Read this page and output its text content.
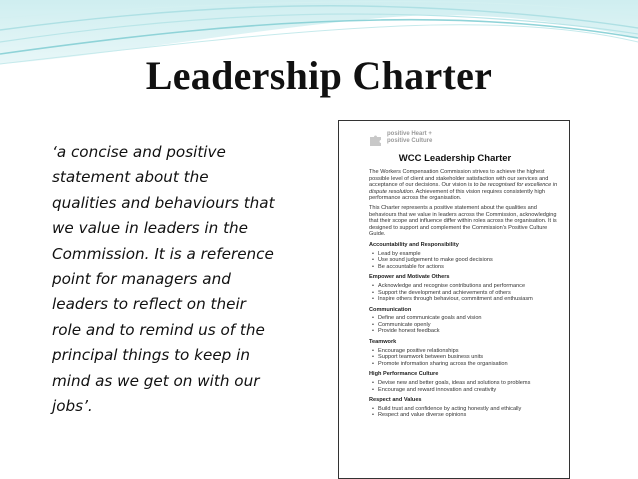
Leadership Charter
‘a concise and positive
statement about the
qualities and behaviours that
we value in leaders in the
Commission. It is a reference
point for managers and
leaders to reflect on their
role and to remind us of the
principal things to keep in
mind as we get on with our
jobs’.
positive Heart +
positive Culture
WCC Leadership Charter
The Workers Compensation Commission strives to achieve the highest possible level of client and stakeholder satisfaction with our services and acceptance of our decisions. Our vision is to be recognised for excellence in dispute resolution. Achievement of this vision requires consistently high performance across the organisation.
This Charter represents a positive statement about the qualities and behaviours that we value in leaders across the Commission, acknowledging that their scope and influence differ within roles across the organisation. It is designed to support and complement the Commission's Positive Culture Guide.
Accountability and Responsibility
• Lead by example
• Use sound judgement to make good decisions
• Be accountable for actions
Empower and Motivate Others
• Acknowledge and recognise contributions and performance
• Support the development and achievements of others
• Inspire others through behaviour, commitment and enthusiasm
Communication
• Define and communicate goals and vision
• Communicate openly
• Provide honest feedback
Teamwork
• Encourage positive relationships
• Support teamwork between business units
• Promote information sharing across the organisation
High Performance Culture
• Devise new and better goals, ideas and solutions to problems
• Encourage and reward innovation and creativity
Respect and Values
• Build trust and confidence by acting honestly and ethically
• Respect and value diverse opinions
